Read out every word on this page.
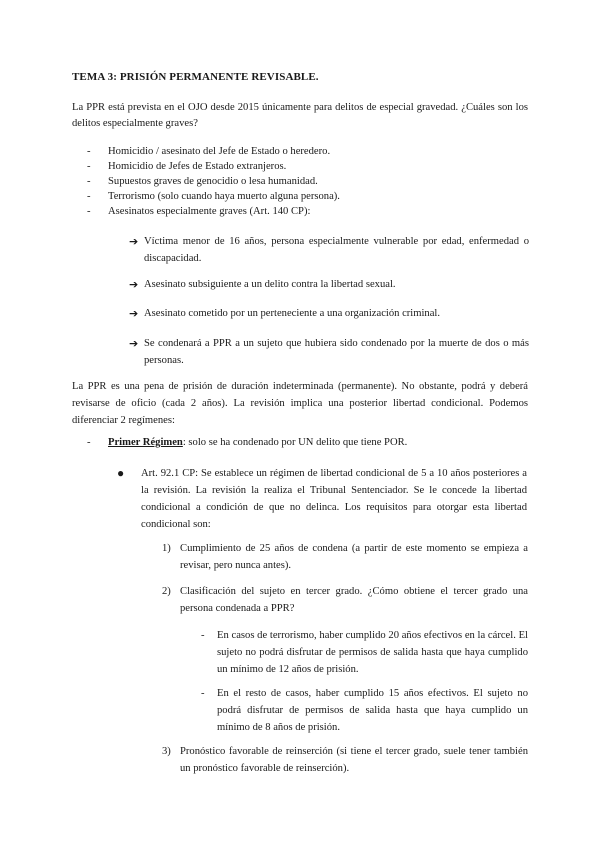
TEMA 3: PRISIÓN PERMANENTE REVISABLE.
La PPR está prevista en el OJO desde 2015 únicamente para delitos de especial gravedad. ¿Cuáles son los delitos especialmente graves?
-	Homicidio / asesinato del Jefe de Estado o heredero.
-	Homicidio de Jefes de Estado extranjeros.
-	Supuestos graves de genocidio o lesa humanidad.
-	Terrorismo (solo cuando haya muerto alguna persona).
-	Asesinatos especialmente graves (Art. 140 CP):
➔ Víctima menor de 16 años, persona especialmente vulnerable por edad, enfermedad o discapacidad.
➔ Asesinato subsiguiente a un delito contra la libertad sexual.
➔ Asesinato cometido por un perteneciente a una organización criminal.
➔ Se condenará a PPR a un sujeto que hubiera sido condenado por la muerte de dos o más personas.
La PPR es una pena de prisión de duración indeterminada (permanente). No obstante, podrá y deberá revisarse de oficio (cada 2 años). La revisión implica una posterior libertad condicional. Podemos diferenciar 2 regímenes:
-	Primer Régimen: solo se ha condenado por UN delito que tiene POR.
●	Art. 92.1 CP: Se establece un régimen de libertad condicional de 5 a 10 años posteriores a la revisión. La revisión la realiza el Tribunal Sentenciador. Se le concede la libertad condicional a condición de que no delinca. Los requisitos para otorgar esta libertad condicional son:
1) Cumplimiento de 25 años de condena (a partir de este momento se empieza a revisar, pero nunca antes).
2) Clasificación del sujeto en tercer grado. ¿Cómo obtiene el tercer grado una persona condenada a PPR?
-	En casos de terrorismo, haber cumplido 20 años efectivos en la cárcel. El sujeto no podrá disfrutar de permisos de salida hasta que haya cumplido un mínimo de 12 años de prisión.
-	En el resto de casos, haber cumplido 15 años efectivos. El sujeto no podrá disfrutar de permisos de salida hasta que haya cumplido un mínimo de 8 años de prisión.
3) Pronóstico favorable de reinserción (si tiene el tercer grado, suele tener también un pronóstico favorable de reinserción).
